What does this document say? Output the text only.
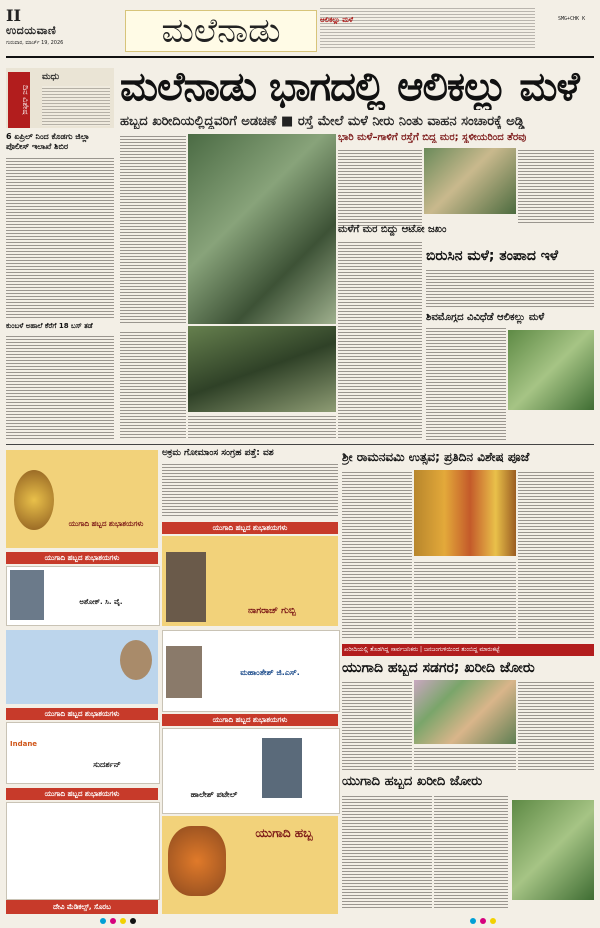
II
ಉದಯವಾಣಿ
ಗುರುವಾರ, ಮಾರ್ಚ್ 19, 2026	ಮಲೆನಾಡು	ಆಲಿಕಲ್ಲು ಮಳೆ	SMG+CHK K
ದಿನ ವಿಶೇಷ
ಮಧು ಮಲೆನಾಡು ಭಾಗದಲ್ಲಿ ಆಲಿಕಲ್ಲು ಮಳೆ
ಹಬ್ಬದ ಖರೀದಿಯಲ್ಲಿದ್ದವರಿಗೆ ಅಡಚಣೆ ■ ರಸ್ತೆ ಮೇಲೆ ಮಳೆ ನೀರು ನಿಂತು ವಾಹನ ಸಂಚಾರಕ್ಕೆ ಅಡ್ಡಿ
6 ಏಪ್ರಿಲ್ ನಿಂದ ಕೊಡಗು ಜಿಲ್ಲಾ ಪೊಲೀಸ್ ಇಲಾಖೆ ಶಿಬಿರ
ಕುಂಬಳೆ ಅಹಾಲೆ ಕೆರೆಗೆ 18 ಬಸ್ ತಡೆ
ಭಾರಿ ಮಳೆ–ಗಾಳಿಗೆ ರಸ್ತೆಗೆ ಬಿದ್ದ ಮರ; ಸ್ಥಳೀಯರಿಂದ ತೆರವು
ಮಳೆಗೆ ಮರ ಬಿದ್ದು ಆಟೋ ಜಖಂ
ಬಿರುಸಿನ ಮಳೆ; ತಂಪಾದ ಇಳೆ
ಶಿವಮೊಗ್ಗದ ವಿವಿಧೆಡೆ ಆಲಿಕಲ್ಲು ಮಳೆ
ಯುಗಾದಿ ಹಬ್ಬದ ಶುಭಾಶಯಗಳು
ಯುಗಾದಿ ಹಬ್ಬದ ಶುಭಾಶಯಗಳು
ಅಶೋಕ್. ಸಿ. ವೈ.
ಯುಗಾದಿ ಹಬ್ಬದ ಶುಭಾಶಯಗಳು
Indane
ಸುದರ್ಶನ್
ಯುಗಾದಿ ಹಬ್ಬದ ಶುಭಾಶಯಗಳು
ದೇವಿ ಮೆಡಿಕಲ್ಸ್, ಸೊರಬ
ಅಕ್ರಮ ಗೋಮಾಂಸ ಸಂಗ್ರಹ ಪತ್ತೆ: ವಶ
ಯುಗಾದಿ ಹಬ್ಬದ ಶುಭಾಶಯಗಳು
ನಾಗರಾಜ್ ಗುಬ್ಬಿ
ಮಹಾಂತೇಶ್ ಜಿ.ಎಸ್.
ಯುಗಾದಿ ಹಬ್ಬದ ಶುಭಾಶಯಗಳು
ಹಾಲೇಶ್ ಪಟೇಲ್
ಯುಗಾದಿ ಹಬ್ಬ
ಶ್ರೀ ರಾಮನವಮಿ ಉತ್ಸವ; ಪ್ರತಿದಿನ ವಿಶೇಷ ಪೂಜೆ
ಖರೀದಿಯಲ್ಲಿ ತೊಡಗಿದ್ದ ಸಾರ್ವಜನಿಕರು | ಜನಜಂಗುಳಿಯಿಂದ ತುಂಬಿದ್ದ ಮಾರುಕಟ್ಟೆ
ಯುಗಾದಿ ಹಬ್ಬದ ಸಡಗರ; ಖರೀದಿ ಜೋರು
ಯುಗಾದಿ ಹಬ್ಬದ ಖರೀದಿ ಜೋರು
